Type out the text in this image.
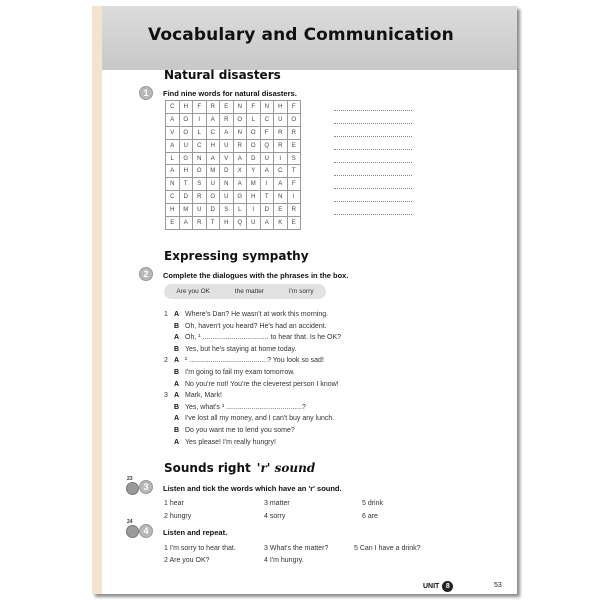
Vocabulary and Communication
Natural disasters
1	Find nine words for natural disasters.
C	H	F	R	E	N	F	N	H	F
A	O	I	A	R	O	L	C	U	O
V	O	L	C	A	N	O	F	R	R
A	U	C	H	U	R	O	Q	R	E
L	G	N	A	V	A	D	U	I	S
A	H	O	M	D	X	Y	A	C	T
N	T	S	U	N	A	M	I	A	F
C	D	R	O	U	G	H	T	N	I
H	M	U	D	S	L	I	D	E	R
E	A	R	T	H	Q	U	A	K	E
Expressing sympathy
2	Complete the dialogues with the phrases in the box.
Are you OK	the matter	I'm sorry
1 A Where's Dan? He wasn't at work this morning.
B Oh, haven't you heard? He's had an accident.
A Oh, ¹ .................................. to hear that. Is he OK?
B Yes, but he's staying at home today.
2 A ² ........................................? You look so sad!
B I'm going to fail my exam tomorrow.
A No you're not! You're the cleverest person I know!
3 A Mark, Mark!
B Yes, what's ³ .......................................?
A I've lost all my money, and I can't buy any lunch.
B Do you want me to lend you some?
A Yes please! I'm really hungry!
Sounds right 'r' sound
23
3	Listen and tick the words which have an 'r' sound.
1 hear
2 hungry
3 matter
4 sorry
5 drink
6 are
24
4	Listen and repeat.
1 I'm sorry to hear that.
2 Are you OK?
3 What's the matter?
4 I'm hungry.
5 Can I have a drink?
UNIT 8	53
